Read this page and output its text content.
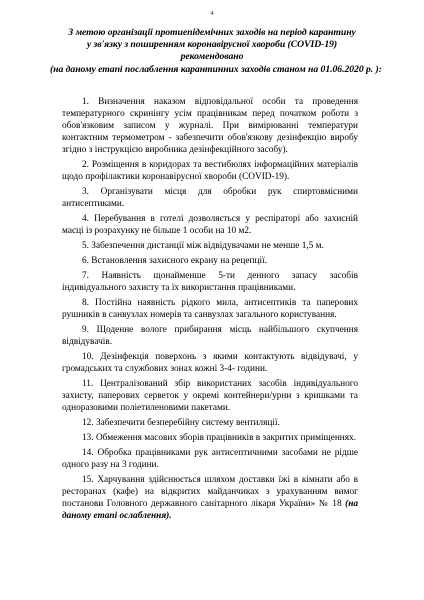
4
З метою організації протиепідемічних заходів на період карантину
у зв'язку з поширенням коронавірусної хвороби (COVID-19)
рекомендовано
(на даному етапі послаблення карантинних заходів станом на 01.06.2020 р. ):

1. Визначення наказом відповідальної особи та проведення температурного скринінгу усім працівникам перед початком роботи з обов'язковим записом у журналі. При вимірюванні температури контактним термометром - забезпечити обов'язкову дезінфекцію виробу згідно з інструкцією виробника дезінфекційного засобу).

2. Розміщення в коридорах та вестибюлях інформаційних матеріалів щодо профілактики коронавірусної хвороби (COVID-19).

3. Організувати місця для обробки рук спиртовмісними антисептиками.

4. Перебування в готелі дозволяється у респіраторі або захисній масці із розрахунку не більше 1 особи на 10 м2.

5. Забезпечення дистанції між відвідувачами не менше 1,5 м.

6. Встановлення захисного екрану на рецепції.

7. Наявність щонайменше 5-ти денного запасу засобів індивідуального захисту та їх використання працівниками.

8. Постійна наявність рідкого мила, антисептиків та паперових рушників в санвузлах номерів та санвузлах загального користування.

9. Щоденне вологе прибирання місць найбільшого скупчення відвідувачів.

10. Дезінфекція поверхонь з якими контактують відвідувачі, у громадських та службових зонах кожні 3-4- години.

11. Централізований збір використаних засобів індивідуального захисту, паперових серветок у окремі контейнери/урни з кришками та одноразовими поліетиленовими пакетами.

12. Забезпечити безперебійну систему вентиляції.

13. Обмеження масових зборів працівників в закритих приміщеннях.

14. Обробка працівниками рук антисептичними засобами не рідше одного разу на 3 години.

15. Харчування здійснюється шляхом доставки їжі в кімнати або в ресторанах (кафе) на відкритих майданчиках з урахуванням вимог постанови Головного державного санітарного лікаря України» № 18 (на даному етапі ослаблення).
